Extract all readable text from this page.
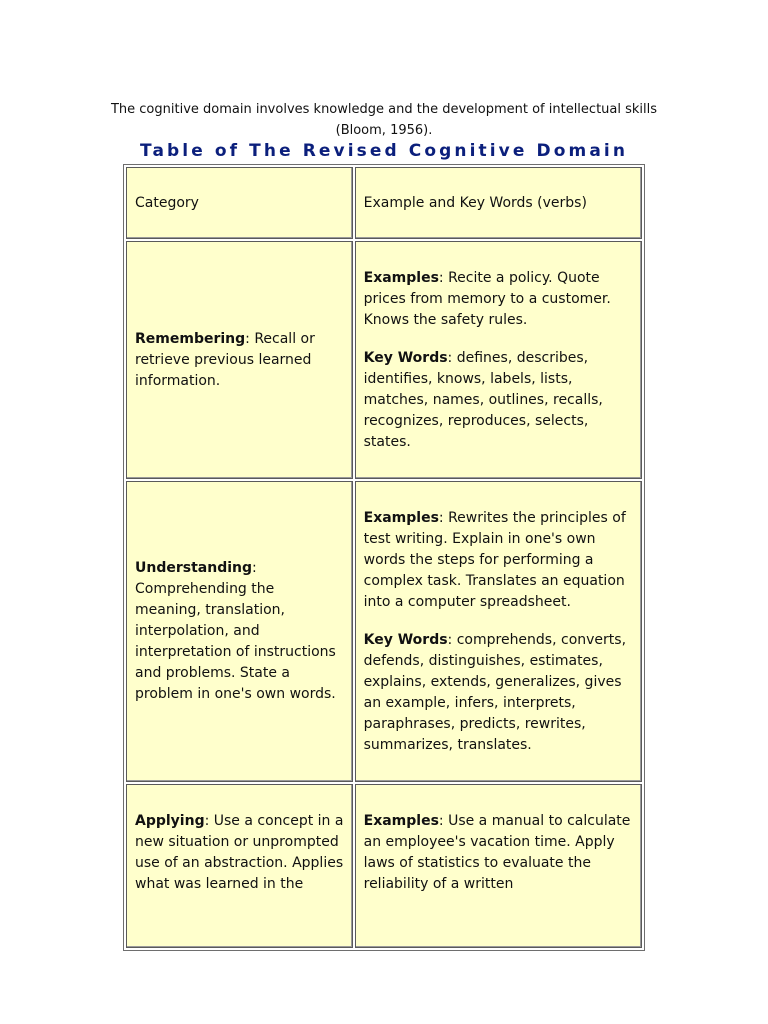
The cognitive domain involves knowledge and the development of intellectual skills
(Bloom, 1956).
Table of The Revised Cognitive Domain
Category	Example and Key Words (verbs)
Remembering: Recall or retrieve previous learned information.	Examples: Recite a policy. Quote prices from memory to a customer. Knows the safety rules.

Key Words: defines, describes, identifies, knows, labels, lists, matches, names, outlines, recalls, recognizes, reproduces, selects, states.

Understanding: Comprehending the meaning, translation, interpolation, and interpretation of instructions and problems. State a problem in one's own words.	Examples: Rewrites the principles of test writing. Explain in one's own words the steps for performing a complex task. Translates an equation into a computer spreadsheet.

Key Words: comprehends, converts, defends, distinguishes, estimates, explains, extends, generalizes, gives an example, infers, interprets, paraphrases, predicts, rewrites, summarizes, translates.

Applying: Use a concept in a new situation or unprompted use of an abstraction. Applies what was learned in the	Examples: Use a manual to calculate an employee's vacation time. Apply laws of statistics to evaluate the reliability of a written
